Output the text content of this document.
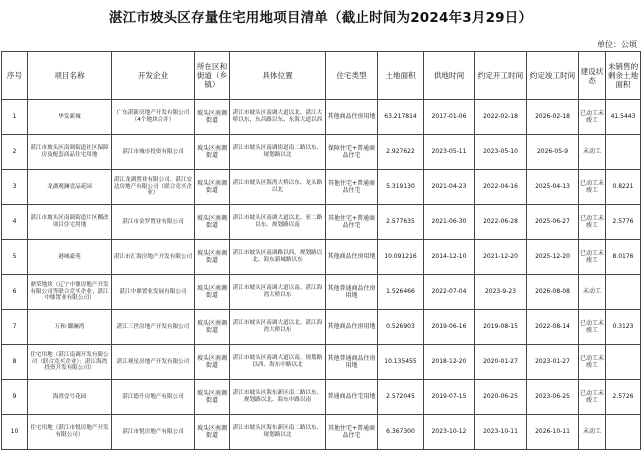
湛江市坡头区存量住宅用地项目清单（截止时间为2024年3月29日）
单位：公顷
序号	项目名称	开发企业	所在区和街道（乡镇）	具体位置	住宅类型	土地面积	供地时间	约定开工时间	约定竣工时间	建设状态	未销售的剩余土地面积
1	华发新城	广东湛新房地产开发有限公司（4个地块合并）	坡头区南调街道	湛江市坡头区南调大道以北、湛江大桥以东，东昌路以东、东海大道以西	其他商品住房用地	63.217814	2017-01-06	2022-02-18	2026-02-18	已动工未竣工	41.5443
2	湛江市坡头区南调街道社区保障房及配套商品住宅用地	湛江市城市投资有限公司	坡头区南调街道	湛江市坡头区南调街道南二路以东、规划路以北	保障住宅+普通商品住宅	2.927622	2023-05-11	2023-05-10	2026-05-9	未动工	
3	龙湖观澜壹品花园	湛江龙湖置业有限公司、湛江安达房地产有限公司（联合竞买企业）	坡头区南调街道	湛江市坡头区海湾大桥以东、龙头路以北	其他住宅+普通商品住宅	5.319130	2021-04-23	2022-04-16	2025-04-13	已动工未竣工	0.8221
4	湛江市坡头区南调街道片区棚改项目住宅用地	湛江市金罗置业有限公司	坡头区南调街道	湛江市坡头区南调大道以北、亚二路以东、规划路以南	其他住宅+普通商品住宅	2.577635	2021-06-30	2022-06-28	2025-06-27	已动工未竣工	2.5776
5	港城豪苑	湛江市汇海房地产开发有限公司	坡头区南调街道	湛江市坡头区南调路以西、规划路以北、海东新城路以东	其他商品住房用地	10.091216	2014-12-10	2021-12-20	2025-12-20	已动工未竣工	8.0176
6	鼎荣地块（辽宁中鼎房地产开发有限公司等联合竞买企业；湛江中鼎置业有限公司）	湛江中鼎置业发展有限公司	坡头区南调街道	湛江市坡头区南调大道以南、湛江海湾大桥以东	其他普通商品住房用地	1.526466	2022-07-04	2023-9-23	2026-08-08	未动工	
7	万和·御澜湾	湛江三世房地产开发有限公司	坡头区南调街道	湛江市坡头区南调大道以北、湛江海湾大桥以东	其他商品住房用地	0.526903	2019-06-16	2019-08-15	2022-08-14	已动工未竣工	0.3123
8	住宅用地（湛江南调开发有限公司（联合竞买企业）：湛江海湾投资开发有限公司）	湛江观星房地产开发有限公司	坡头区南调街道	湛江市坡头区南调大道以南、规划路以西、海东中路以北	其他普通商品住房用地	10.135455	2018-12-20	2020-01-27	2023-01-27	已动工未竣工	
9	海湾壹号花园	湛江德升房地产有限公司	坡头区南调街道	湛江市坡头区海东新区南二路以东、规划路以北、海东中路以南	普通商品住宅用地	2.572045	2019-07-15	2020-06-25	2023-06-25	已动工未竣工	2.5726
10	住宅用地（湛江市悦房地产开发有限公司）	湛江市悦房地产有限公司	坡头区南调街道	湛江市坡头区海东新区南二路以东、规划路以北	其他住宅+普通商品住宅	6.367300	2023-10-12	2023-10-11	2026-10-11	未动工	
